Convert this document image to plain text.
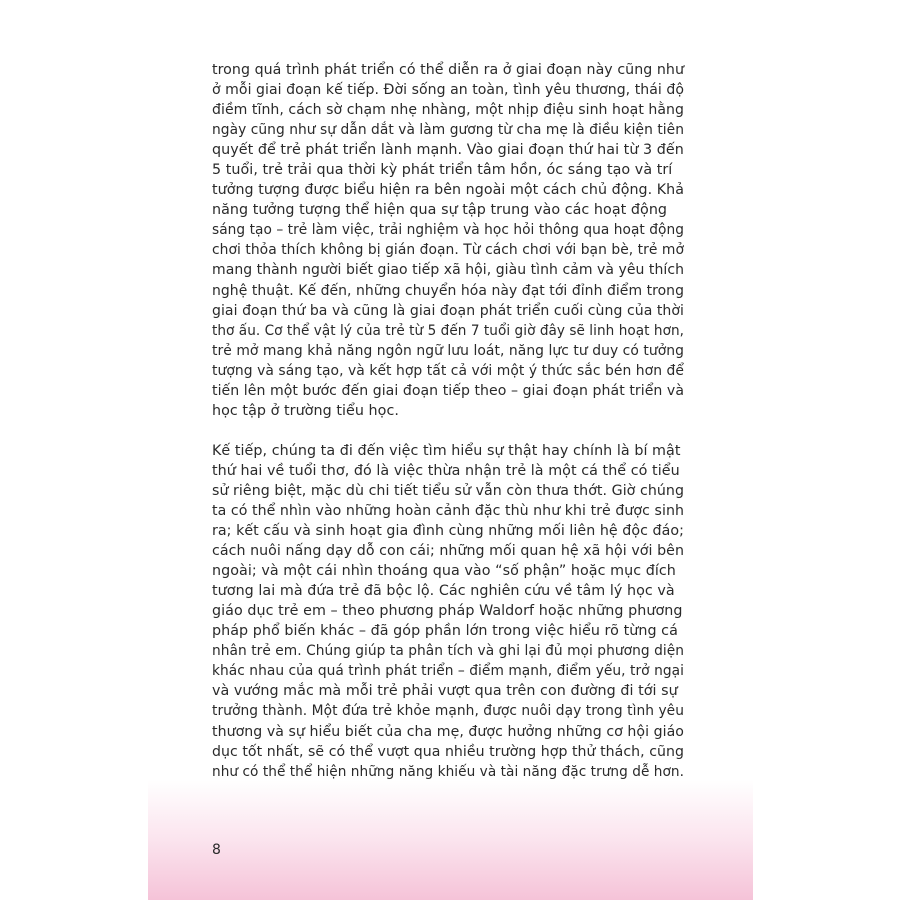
trong quá trình phát triển có thể diễn ra ở giai đoạn này cũng như
ở mỗi giai đoạn kế tiếp. Đời sống an toàn, tình yêu thương, thái độ
điềm tĩnh, cách sờ chạm nhẹ nhàng, một nhịp điệu sinh hoạt hằng
ngày cũng như sự dẫn dắt và làm gương từ cha mẹ là điều kiện tiên
quyết để trẻ phát triển lành mạnh. Vào giai đoạn thứ hai từ 3 đến
5 tuổi, trẻ trải qua thời kỳ phát triển tâm hồn, óc sáng tạo và trí
tưởng tượng được biểu hiện ra bên ngoài một cách chủ động. Khả
năng tưởng tượng thể hiện qua sự tập trung vào các hoạt động
sáng tạo – trẻ làm việc, trải nghiệm và học hỏi thông qua hoạt động
chơi thỏa thích không bị gián đoạn. Từ cách chơi với bạn bè, trẻ mở
mang thành người biết giao tiếp xã hội, giàu tình cảm và yêu thích
nghệ thuật. Kế đến, những chuyển hóa này đạt tới đỉnh điểm trong
giai đoạn thứ ba và cũng là giai đoạn phát triển cuối cùng của thời
thơ ấu. Cơ thể vật lý của trẻ từ 5 đến 7 tuổi giờ đây sẽ linh hoạt hơn,
trẻ mở mang khả năng ngôn ngữ lưu loát, năng lực tư duy có tưởng
tượng và sáng tạo, và kết hợp tất cả với một ý thức sắc bén hơn để
tiến lên một bước đến giai đoạn tiếp theo – giai đoạn phát triển và
học tập ở trường tiểu học.
Kế tiếp, chúng ta đi đến việc tìm hiểu sự thật hay chính là bí mật
thứ hai về tuổi thơ, đó là việc thừa nhận trẻ là một cá thể có tiểu
sử riêng biệt, mặc dù chi tiết tiểu sử vẫn còn thưa thớt. Giờ chúng
ta có thể nhìn vào những hoàn cảnh đặc thù như khi trẻ được sinh
ra; kết cấu và sinh hoạt gia đình cùng những mối liên hệ độc đáo;
cách nuôi nấng dạy dỗ con cái; những mối quan hệ xã hội với bên
ngoài; và một cái nhìn thoáng qua vào “số phận” hoặc mục đích
tương lai mà đứa trẻ đã bộc lộ. Các nghiên cứu về tâm lý học và
giáo dục trẻ em – theo phương pháp Waldorf hoặc những phương
pháp phổ biến khác – đã góp phần lớn trong việc hiểu rõ từng cá
nhân trẻ em. Chúng giúp ta phân tích và ghi lại đủ mọi phương diện
khác nhau của quá trình phát triển – điểm mạnh, điểm yếu, trở ngại
và vướng mắc mà mỗi trẻ phải vượt qua trên con đường đi tới sự
trưởng thành. Một đứa trẻ khỏe mạnh, được nuôi dạy trong tình yêu
thương và sự hiểu biết của cha mẹ, được hưởng những cơ hội giáo
dục tốt nhất, sẽ có thể vượt qua nhiều trường hợp thử thách, cũng
như có thể thể hiện những năng khiếu và tài năng đặc trưng dễ hơn.
8
